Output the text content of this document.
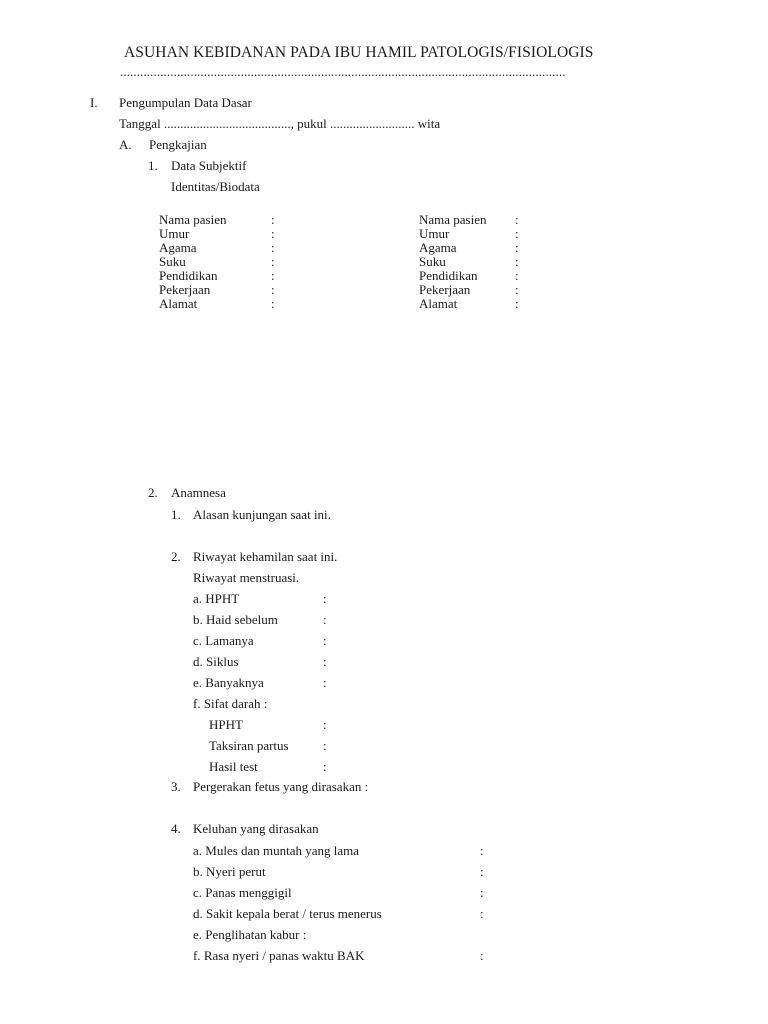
ASUHAN KEBIDANAN PADA IBU HAMIL PATOLOGIS/FISIOLOGIS
.....................................................................................................................................
I. Pengumpulan Data Dasar
Tanggal ......................................., pukul .......................... wita
A. Pengkajian
1. Data Subjektif
Identitas/Biodata
Nama pasien
Umur
Agama
Suku
Pendidikan
Pekerjaan
Alamat
:
:
:
:
:
:
:
Nama pasien
Umur
Agama
Suku
Pendidikan
Pekerjaan
Alamat
:
:
:
:
:
:
:
2. Anamnesa
1. Alasan kunjungan saat ini.
2. Riwayat kehamilan saat ini.
Riwayat menstruasi.
a. HPHT
b. Haid sebelum
c. Lamanya
d. Siklus
e. Banyaknya
f. Sifat darah :
HPHT
Taksiran partus
Hasil test
:
:
:
:
:
:
:
:
3. Pergerakan fetus yang dirasakan :
4. Keluhan yang dirasakan
a. Mules dan muntah yang lama
b. Nyeri perut
c. Panas menggigil
d. Sakit kepala berat / terus menerus
e. Penglihatan kabur :
f. Rasa nyeri / panas waktu BAK
:
:
:
:
:
